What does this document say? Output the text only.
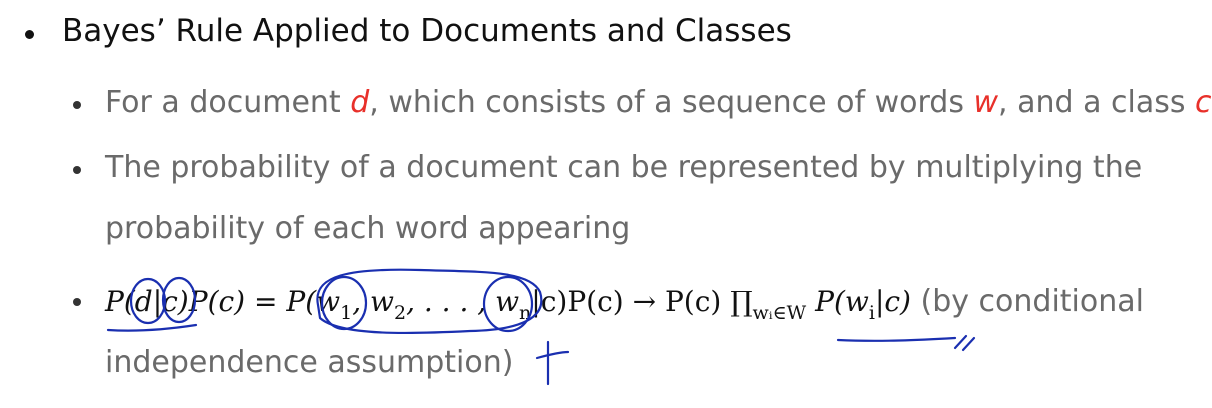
Bayes’ Rule Applied to Documents and Classes
For a document d, which consists of a sequence of words w, and a class c
The probability of a document can be represented by multiplying the
probability of each word appearing
$P(d|c)P(c) = P(w_1$, $w_2$, . . . , $w_n|c)P(c) \to P(c)$ $\prod_{wᵢ\in W}$ $P(w_i|c)$ (by conditional
independence assumption)
